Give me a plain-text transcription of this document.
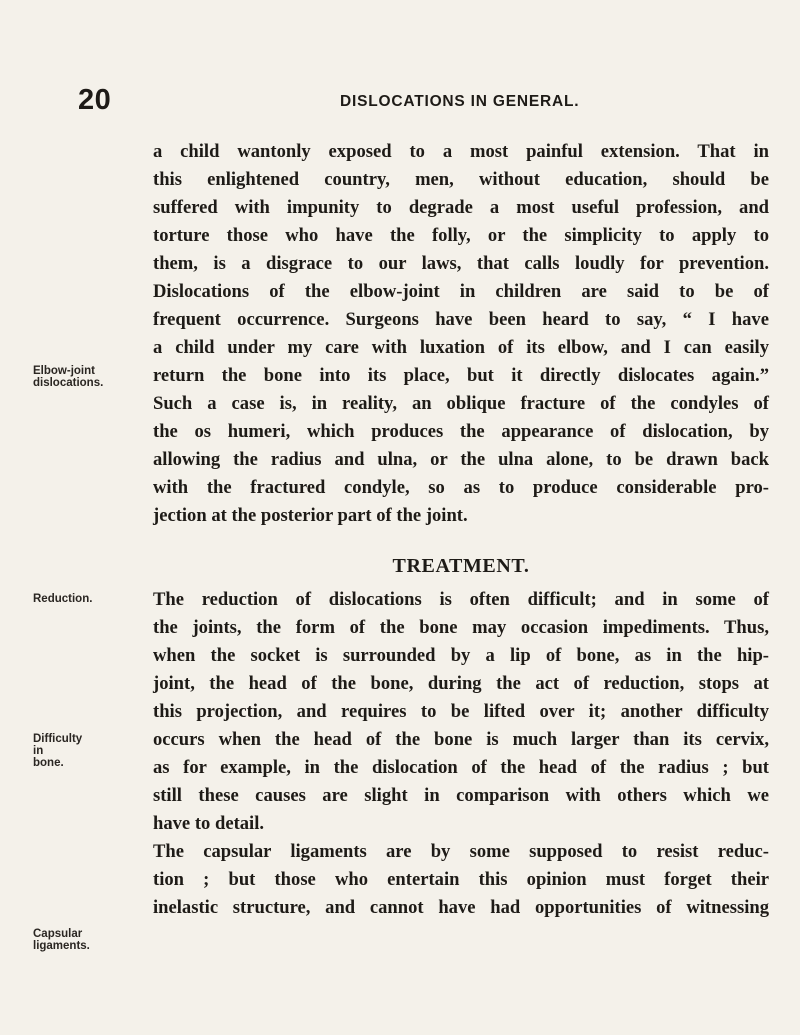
20	DISLOCATIONS IN GENERAL.
Elbow-joint
dislocations.
Reduction.
Difficulty in
bone.
Capsular
ligaments.
a child wantonly exposed to a most painful extension. That in
this enlightened country, men, without education, should be
suffered with impunity to degrade a most useful profession, and
torture those who have the folly, or the simplicity to apply to
them, is a disgrace to our laws, that calls loudly for prevention.
Dislocations of the elbow-joint in children are said to be of
frequent occurrence. Surgeons have been heard to say, “ I have
a child under my care with luxation of its elbow, and I can easily
return the bone into its place, but it directly dislocates again.”
Such a case is, in reality, an oblique fracture of the condyles of
the os humeri, which produces the appearance of dislocation, by
allowing the radius and ulna, or the ulna alone, to be drawn back
with the fractured condyle, so as to produce considerable pro-
jection at the posterior part of the joint.
TREATMENT.
The reduction of dislocations is often difficult; and in some of
the joints, the form of the bone may occasion impediments. Thus,
when the socket is surrounded by a lip of bone, as in the hip-
joint, the head of the bone, during the act of reduction, stops at
this projection, and requires to be lifted over it; another difficulty
occurs when the head of the bone is much larger than its cervix,
as for example, in the dislocation of the head of the radius ; but
still these causes are slight in comparison with others which we
have to detail.
The capsular ligaments are by some supposed to resist reduc-
tion ; but those who entertain this opinion must forget their
inelastic structure, and cannot have had opportunities of witnessing
